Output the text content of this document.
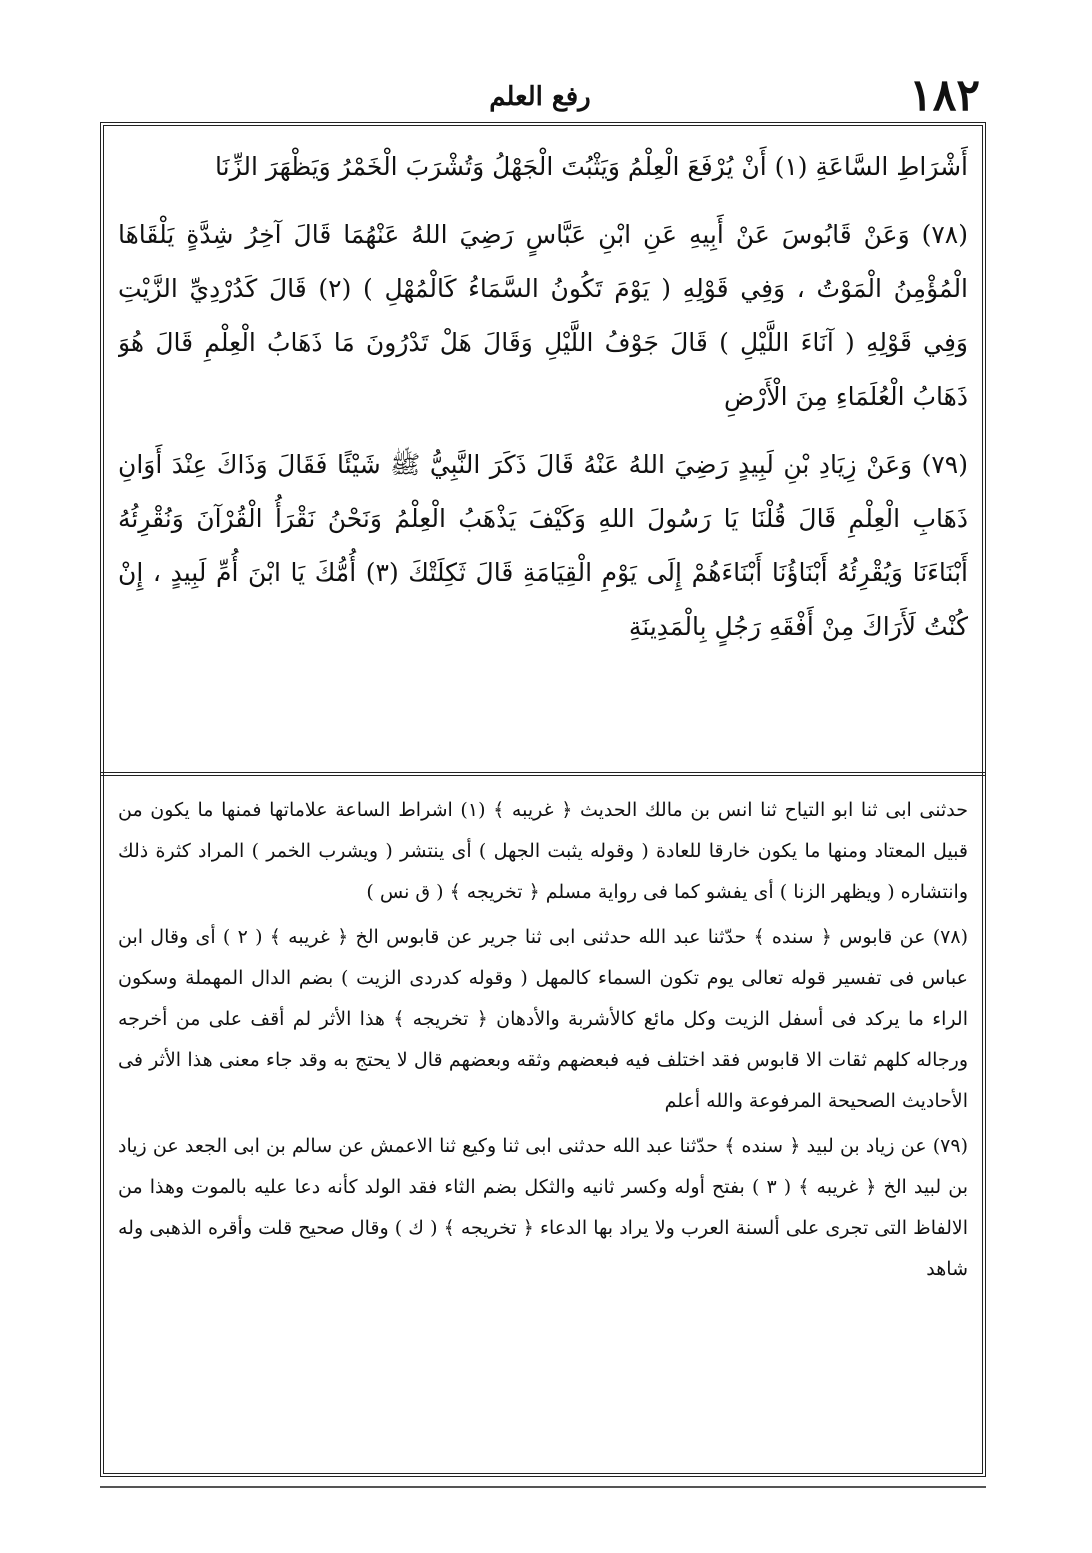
١٨٢
رفع العلم

أَشْرَاطِ السَّاعَةِ (١) أَنْ يُرْفَعَ الْعِلْمُ وَيَثْبُتَ الْجَهْلُ وَتُشْرَبَ الْخَمْرُ وَيَظْهَرَ الزِّنَا

(٧٨) وَعَنْ قَابُوسَ عَنْ أَبِيهِ عَنِ ابْنِ عَبَّاسٍ رَضِيَ اللهُ عَنْهُمَا قَالَ آخِرُ شِدَّةٍ يَلْقَاهَا الْمُؤْمِنُ الْمَوْتُ ، وَفِي قَوْلِهِ ( يَوْمَ تَكُونُ السَّمَاءُ كَالْمُهْلِ ) (٢) قَالَ كَدُرْدِيِّ الزَّيْتِ وَفِي قَوْلِهِ ( آنَاءَ اللَّيْلِ ) قَالَ جَوْفُ اللَّيْلِ وَقَالَ هَلْ تَدْرُونَ مَا ذَهَابُ الْعِلْمِ قَالَ هُوَ ذَهَابُ الْعُلَمَاءِ مِنَ الْأَرْضِ

(٧٩) وَعَنْ زِيَادِ بْنِ لَبِيدٍ رَضِيَ اللهُ عَنْهُ قَالَ ذَكَرَ النَّبِيُّ ﷺ شَيْئًا فَقَالَ وَذَاكَ عِنْدَ أَوَانِ ذَهَابِ الْعِلْمِ قَالَ قُلْنَا يَا رَسُولَ اللهِ وَكَيْفَ يَذْهَبُ الْعِلْمُ وَنَحْنُ نَقْرَأُ الْقُرْآنَ وَنُقْرِئُهُ أَبْنَاءَنَا وَيُقْرِئُهُ أَبْنَاؤُنَا أَبْنَاءَهُمْ إِلَى يَوْمِ الْقِيَامَةِ قَالَ ثَكِلَتْكَ (٣) أُمُّكَ يَا ابْنَ أُمِّ لَبِيدٍ ، إِنْ كُنْتُ لَأَرَاكَ مِنْ أَفْقَهِ رَجُلٍ بِالْمَدِينَةِ

حدثنى ابى ثنا ابو التياح ثنا انس بن مالك الحديث ﴿ غريبه ﴾ (١) اشراط الساعة علاماتها فمنها ما يكون من قبيل المعتاد ومنها ما يكون خارقا للعادة ( وقوله يثبت الجهل ) أى ينتشر ( ويشرب الخمر ) المراد كثرة ذلك وانتشاره ( ويظهر الزنا ) أى يفشو كما فى رواية مسلم ﴿ تخريجه ﴾ ( ق نس )

(٧٨) عن قابوس ﴿ سنده ﴾ حدّثنا عبد الله حدثنى ابى ثنا جرير عن قابوس الخ ﴿ غريبه ﴾ ( ٢ ) أى وقال ابن عباس فى تفسير قوله تعالى يوم تكون السماء كالمهل ( وقوله كدردى الزيت ) بضم الدال المهملة وسكون الراء ما يركد فى أسفل الزيت وكل مائع كالأشربة والأدهان ﴿ تخريجه ﴾ هذا الأثر لم أقف على من أخرجه ورجاله كلهم ثقات الا قابوس فقد اختلف فيه فبعضهم وثقه وبعضهم قال لا يحتج به وقد جاء معنى هذا الأثر فى الأحاديث الصحيحة المرفوعة والله أعلم

(٧٩) عن زياد بن لبيد ﴿ سنده ﴾ حدّثنا عبد الله حدثنى ابى ثنا وكيع ثنا الاعمش عن سالم بن ابى الجعد عن زياد بن لبيد الخ ﴿ غريبه ﴾ ( ٣ ) بفتح أوله وكسر ثانيه والثكل بضم الثاء فقد الولد كأنه دعا عليه بالموت وهذا من الالفاظ التى تجرى على ألسنة العرب ولا يراد بها الدعاء ﴿ تخريجه ﴾ ( ك ) وقال صحيح قلت وأقره الذهبى وله شاهد
